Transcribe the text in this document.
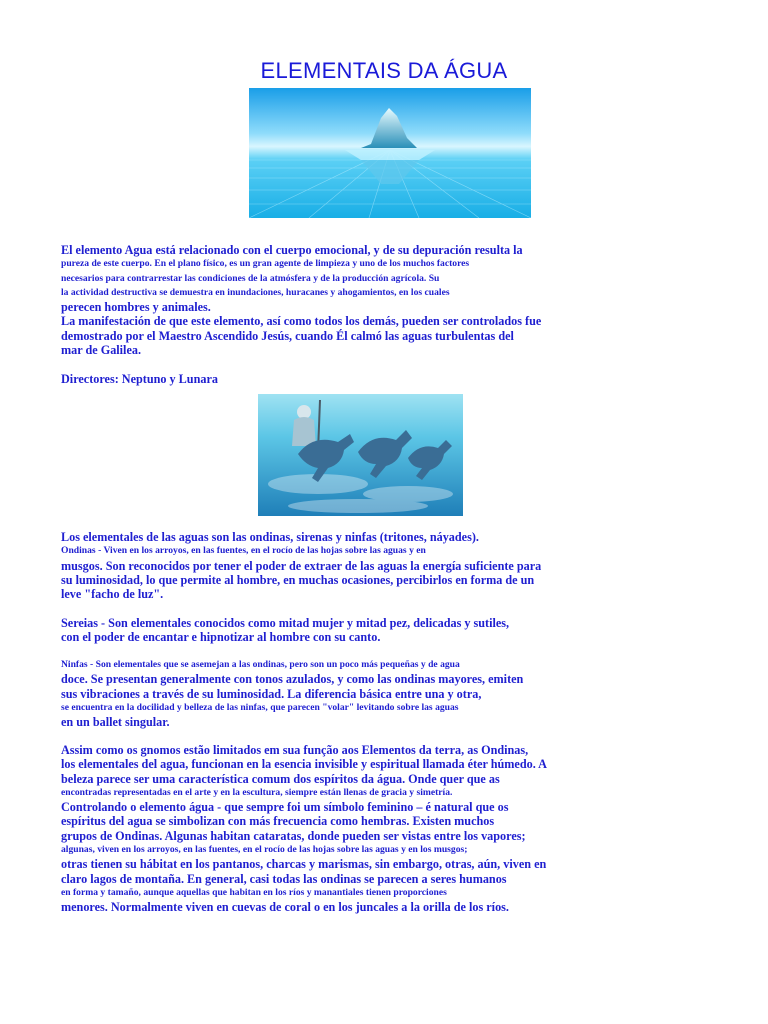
ELEMENTAIS DA ÁGUA
El elemento Agua está relacionado con el cuerpo emocional, y de su depuración resulta la
pureza de este cuerpo. En el plano físico, es un gran agente de limpieza y uno de los muchos factores
necesarios para contrarrestar las condiciones de la atmósfera y de la producción agrícola. Su
la actividad destructiva se demuestra en inundaciones, huracanes y ahogamientos, en los cuales
perecen hombres y animales.
La manifestación de que este elemento, así como todos los demás, pueden ser controlados fue
demostrado por el Maestro Ascendido Jesús, cuando Él calmó las aguas turbulentas del
mar de Galilea.
Directores: Neptuno y Lunara
Los elementales de las aguas son las ondinas, sirenas y ninfas (tritones, náyades).
Ondinas - Viven en los arroyos, en las fuentes, en el rocío de las hojas sobre las aguas y en
musgos. Son reconocidos por tener el poder de extraer de las aguas la energía suficiente para
su luminosidad, lo que permite al hombre, en muchas ocasiones, percibirlos en forma de un
leve "facho de luz".
Sereias - Son elementales conocidos como mitad mujer y mitad pez, delicadas y sutiles,
con el poder de encantar e hipnotizar al hombre con su canto.
Ninfas - Son elementales que se asemejan a las ondinas, pero son un poco más pequeñas y de agua
doce. Se presentan generalmente con tonos azulados, y como las ondinas mayores, emiten
sus vibraciones a través de su luminosidad. La diferencia básica entre una y otra,
se encuentra en la docilidad y belleza de las ninfas, que parecen "volar" levitando sobre las aguas
en un ballet singular.
Assim como os gnomos estão limitados em sua função aos Elementos da terra, as Ondinas,
los elementales del agua, funcionan en la esencia invisible y espiritual llamada éter húmedo. A
beleza parece ser uma característica comum dos espíritos da água. Onde quer que as
encontradas representadas en el arte y en la escultura, siempre están llenas de gracia y simetría.
Controlando o elemento água - que sempre foi um símbolo feminino – é natural que os
espíritus del agua se simbolizan con más frecuencia como hembras. Existen muchos
grupos de Ondinas. Algunas habitan cataratas, donde pueden ser vistas entre los vapores;
algunas, viven en los arroyos, en las fuentes, en el rocío de las hojas sobre las aguas y en los musgos;
otras tienen su hábitat en los pantanos, charcas y marismas, sin embargo, otras, aún, viven en
claro lagos de montaña. En general, casi todas las ondinas se parecen a seres humanos
en forma y tamaño, aunque aquellas que habitan en los ríos y manantiales tienen proporciones
menores. Normalmente viven en cuevas de coral o en los juncales a la orilla de los ríos.
